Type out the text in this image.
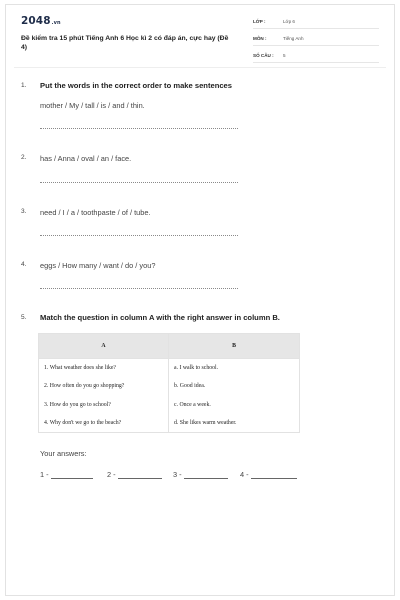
2048.vn
Đề kiểm tra 15 phút Tiếng Anh 6 Học kì 2 có đáp án, cực hay (Đề 4)
LỚP :	Lớp 6
MÔN :	Tiếng Anh
SỐ CÂU :	5
1. Put the words in the correct order to make sentences
mother / My / tall / is / and / thin.
2. has / Anna / oval / an / face.
3. need / I / a / toothpaste / of / tube.
4. eggs / How many / want / do / you?
5. Match the question in column A with the right answer in column B.
A	B
1. What weather does she like?	a. I walk to school.
2. How often do you go shopping?	b. Good idea.
3. How do you go to school?	c. Once a week.
4. Why don't we go to the beach?	d. She likes warm weather.
Your answers:
1 -	2 -	3 -	4 -
